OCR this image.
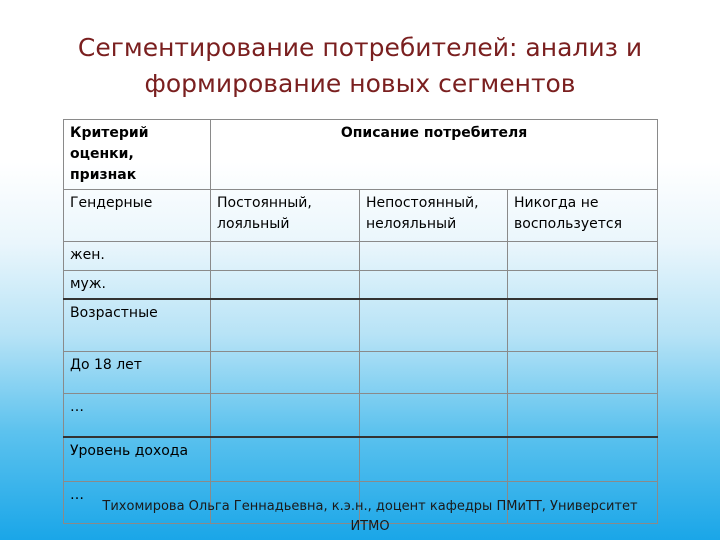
Сегментирование потребителей: анализ и
формирование новых сегментов
Критерий оценки, признак	Описание потребителя		
Гендерные	Постоянный, лояльный	Непостоянный, нелояльный	Никогда не воспользуется
жен.			
муж.			
Возрастные			
До 18 лет			
…			
Уровень дохода			
…			
Тихомирова Ольга Геннадьевна, к.э.н., доцент кафедры ПМиТТ, Университет ИТМО
